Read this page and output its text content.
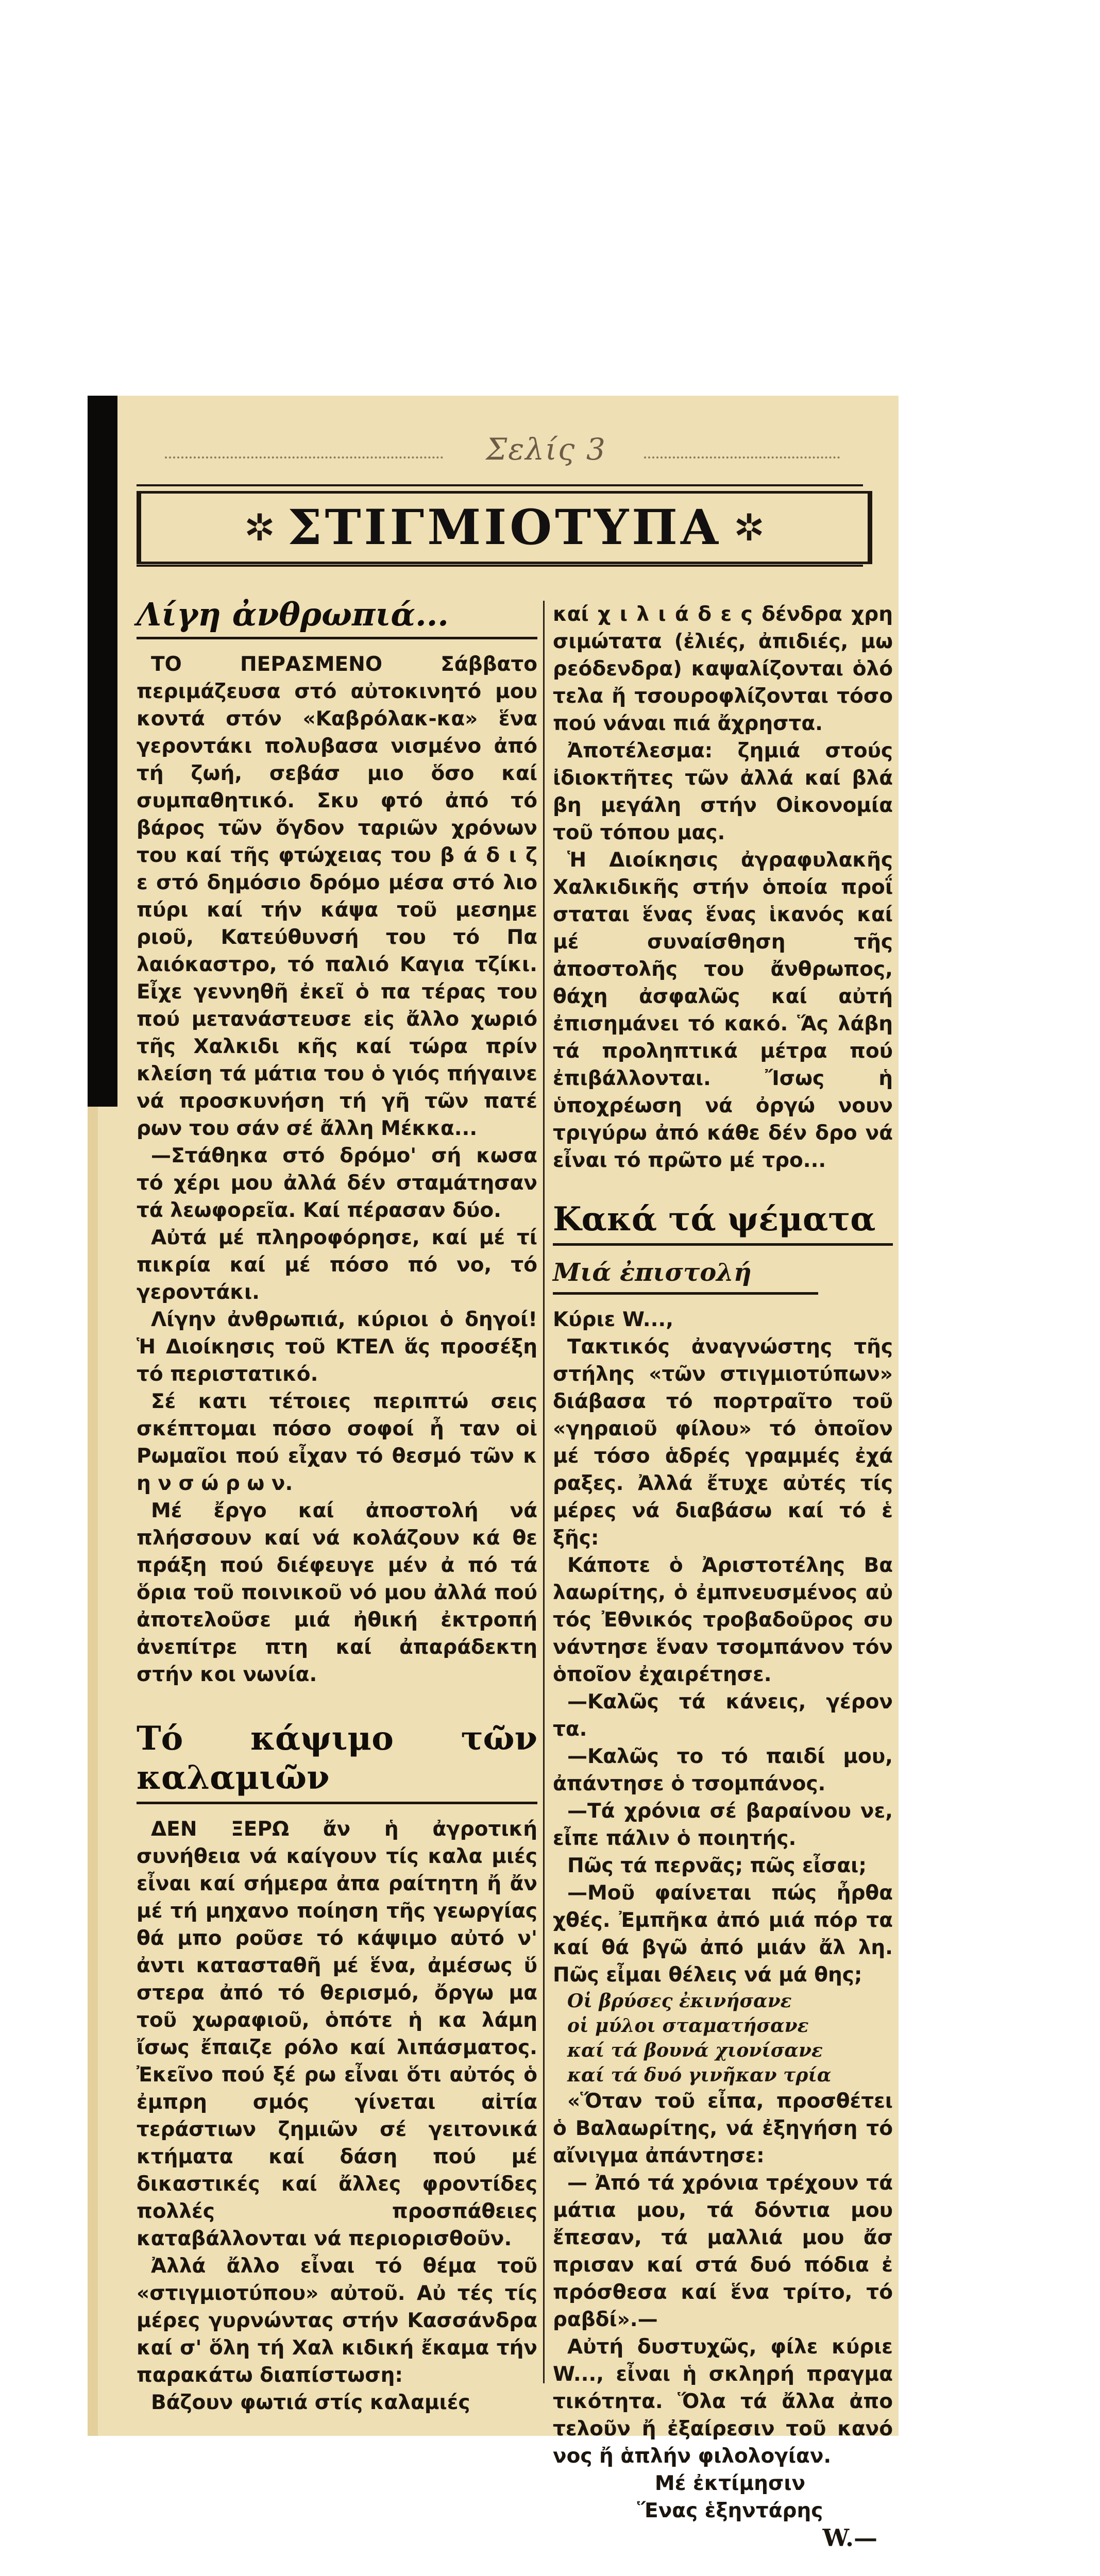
Σελίς 3
✲ ΣΤΙΓΜΙΟΤΥΠΑ ✲
Λίγη ἀνθρωπιά...

ΤΟ ΠΕΡΑΣΜΕΝΟ Σάββατο περιμάζευσα στό αὐτοκινητό μου κοντά στόν «Καβρόλακ-κα» ἕνα γεροντάκι πολυβασα νισμένο ἀπό τή ζωή, σεβάσ μιο ὅσο καί συμπαθητικό. Σκυ φτό ἀπό τό βάρος τῶν ὄγδον ταριῶν χρόνων του καί τῆς φτώχειας του β ά δ ι ζ ε στό δημόσιο δρόμο μέσα στό λιο πύρι καί τήν κάψα τοῦ μεσημε ριοῦ, Κατεύθυνσή του τό Πα λαιόκαστρο, τό παλιό Καγια τζίκι. Εἶχε γεννηθῆ ἐκεῖ ὁ πα τέρας του πού μετανάστευσε εἰς ἄλλο χωριό τῆς Χαλκιδι κῆς καί τώρα πρίν κλείση τά μάτια του ὁ γιός πήγαινε νά προσκυνήση τή γῆ τῶν πατέ ρων του σάν σέ ἄλλη Μέκκα...

—Στάθηκα στό δρόμο' σή κωσα τό χέρι μου ἀλλά δέν σταμάτησαν τά λεωφορεῖα. Καί πέρασαν δύο.

Αὐτά μέ πληροφόρησε, καί μέ τί πικρία καί μέ πόσο πό νο, τό γεροντάκι.

Λίγην ἀνθρωπιά, κύριοι ὁ δηγοί! Ἡ Διοίκησις τοῦ ΚΤΕΛ ἅς προσέξη τό περιστατικό.

Σέ κατι τέτοιες περιπτώ σεις σκέπτομαι πόσο σοφοί ἦ ταν οἱ Ρωμαῖοι πού εἶχαν τό θεσμό τῶν κ η ν σ ώ ρ ω ν.

Μέ ἔργο καί ἀποστολή νά πλήσσουν καί νά κολάζουν κά θε πράξη πού διέφευγε μέν ἀ πό τά ὅρια τοῦ ποινικοῦ νό μου ἀλλά πού ἀποτελοῦσε μιά ἠθική ἐκτροπή ἀνεπίτρε πτη καί ἀπαράδεκτη στήν κοι νωνία.

Τό κάψιμο τῶν καλαμιῶν

ΔΕΝ ΞΕΡΩ ἄν ἡ ἀγροτική συνήθεια νά καίγουν τίς καλα μιές εἶναι καί σήμερα ἀπα ραίτητη ἤ ἄν μέ τή μηχανο ποίηση τῆς γεωργίας θά μπο ροῦσε τό κάψιμο αὐτό ν' ἀντι κατασταθῆ μέ ἕνα, ἀμέσως ὕ στερα ἀπό τό θερισμό, ὄργω μα τοῦ χωραφιοῦ, ὁπότε ἡ κα λάμη ἴσως ἔπαιζε ρόλο καί λιπάσματος. Ἐκεῖνο πού ξέ ρω εἶναι ὅτι αὐτός ὁ ἐμπρη σμός γίνεται αἰτία τεράστιων ζημιῶν σέ γειτονικά κτήματα καί δάση πού μέ δικαστικές καί ἄλλες φροντίδες πολλές προσπάθειες καταβάλλονται νά περιορισθοῦν.

Ἀλλά ἄλλο εἶναι τό θέμα τοῦ «στιγμιοτύπου» αὐτοῦ. Αὐ τές τίς μέρες γυρνώντας στήν Κασσάνδρα καί σ' ὅλη τή Χαλ κιδική ἔκαμα τήν παρακάτω διαπίστωση:

Βάζουν φωτιά στίς καλαμιές

καί χ ι λ ι ά δ ε ς δένδρα χρη σιμώτατα (ἐλιές, ἀπιδιές, μω ρεόδενδρα) καψαλίζονται ὁλό τελα ἤ τσουροφλίζονται τόσο πού νάναι πιά ἄχρηστα.

Ἀποτέλεσμα: ζημιά στούς ἰδιοκτῆτες τῶν ἀλλά καί βλά βη μεγάλη στήν Οἰκονομία τοῦ τόπου μας.

Ἡ Διοίκησις ἀγραφυλακῆς Χαλκιδικῆς στήν ὁποία προΐ σταται ἕνας ἕνας ἱκανός καί μέ συναίσθηση τῆς ἀποστολῆς του ἄνθρωπος, θάχη ἀσφαλῶς καί αὐτή ἐπισημάνει τό κακό. Ἅς λάβη τά προληπτικά μέτρα πού ἐπιβάλλονται. Ἴσως ἡ ὑποχρέωση νά ὀργώ νουν τριγύρω ἀπό κάθε δέν δρο νά εἶναι τό πρῶτο μέ τρο...

Κακά τά ψέματα
Μιά ἐπιστολή

Κύριε W...,

Τακτικός ἀναγνώστης τῆς στήλης «τῶν στιγμιοτύπων» διάβασα τό πορτραῖτο τοῦ «γηραιοῦ φίλου» τό ὁποῖον μέ τόσο ἁδρές γραμμές ἐχά ραξες. Ἀλλά ἔτυχε αὐτές τίς μέρες νά διαβάσω καί τό ἑ ξῆς:

Κάποτε ὁ Ἀριστοτέλης Βα λαωρίτης, ὁ ἐμπνευσμένος αὐ τός Ἐθνικός τροβαδοῦρος συ νάντησε ἕναν τσομπάνον τόν ὁποῖον ἐχαιρέτησε.

—Καλῶς τά κάνεις, γέρον τα.

—Καλῶς το τό παιδί μου, ἀπάντησε ὁ τσομπάνος.

—Τά χρόνια σέ βαραίνου νε, εἶπε πάλιν ὁ ποιητής.

Πῶς τά περνᾶς; πῶς εἶσαι;

—Μοῦ φαίνεται πώς ἦρθα χθές. Ἐμπῆκα ἀπό μιά πόρ τα καί θά βγῶ ἀπό μιάν ἄλ λη. Πῶς εἶμαι θέλεις νά μά θης;

Οἱ βρύσες ἐκινήσανε

οἱ μύλοι σταματήσανε

καί τά βουνά χιονίσανε

καί τά δυό γινῆκαν τρία

«Ὅταν τοῦ εἶπα, προσθέτει ὁ Βαλαωρίτης, νά ἐξηγήση τό αἴνιγμα ἀπάντησε:

— Ἀπό τά χρόνια τρέχουν τά μάτια μου, τά δόντια μου ἔπεσαν, τά μαλλιά μου ἄσ πρισαν καί στά δυό πόδια ἐ πρόσθεσα καί ἕνα τρίτο, τό ραβδί».—

Αὐτή δυστυχῶς, φίλε κύριε W..., εἶναι ἡ σκληρή πραγμα τικότητα. Ὅλα τά ἄλλα ἀπο τελοῦν ἤ ἐξαίρεσιν τοῦ κανό νος ἤ ἁπλήν φιλολογίαν.

Μέ ἐκτίμησιν

Ἕνας ἑξηντάρης

W.—
